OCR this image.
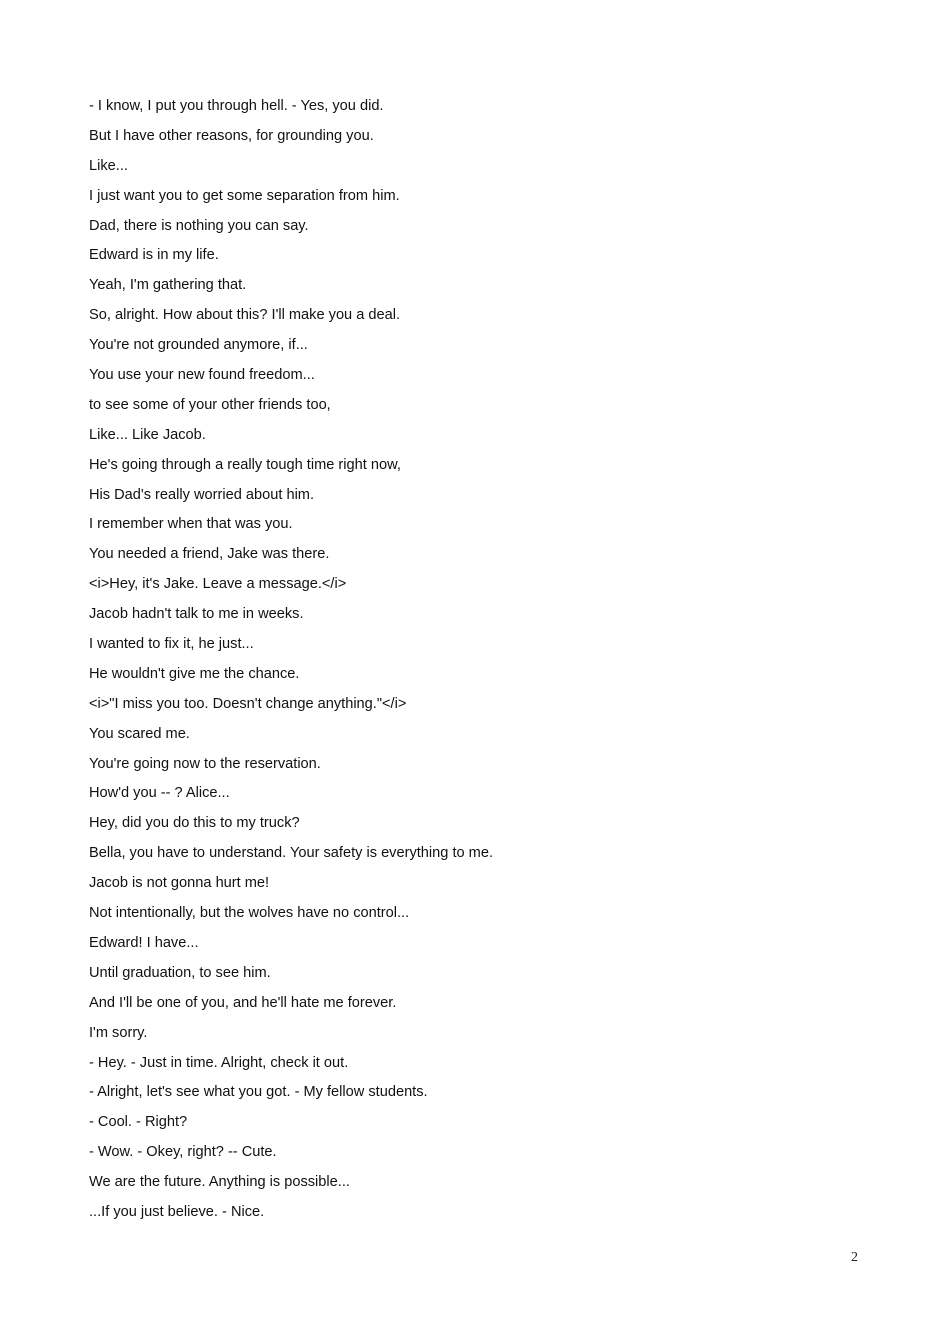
- I know, I put you through hell. - Yes, you did.
But I have other reasons, for grounding you.
Like...
I just want you to get some separation from him.
Dad, there is nothing you can say.
Edward is in my life.
Yeah, I'm gathering that.
So, alright. How about this? I'll make you a deal.
You're not grounded anymore, if...
You use your new found freedom...
to see some of your other friends too,
Like... Like Jacob.
He's going through a really tough time right now,
His Dad's really worried about him.
I remember when that was you.
You needed a friend, Jake was there.
<i>Hey, it's Jake. Leave a message.</i>
Jacob hadn't talk to me in weeks.
I wanted to fix it, he just...
He wouldn't give me the chance.
<i>"I miss you too. Doesn't change anything."</i>
You scared me.
You're going now to the reservation.
How'd you -- ? Alice...
Hey, did you do this to my truck?
Bella, you have to understand. Your safety is everything to me.
Jacob is not gonna hurt me!
Not intentionally, but the wolves have no control...
Edward! I have...
Until graduation, to see him.
And I'll be one of you, and he'll hate me forever.
I'm sorry.
- Hey. - Just in time. Alright, check it out.
- Alright, let's see what you got. - My fellow students.
- Cool. - Right?
- Wow. - Okey, right? -- Cute.
We are the future. Anything is possible...
...If you just believe. - Nice.
2
